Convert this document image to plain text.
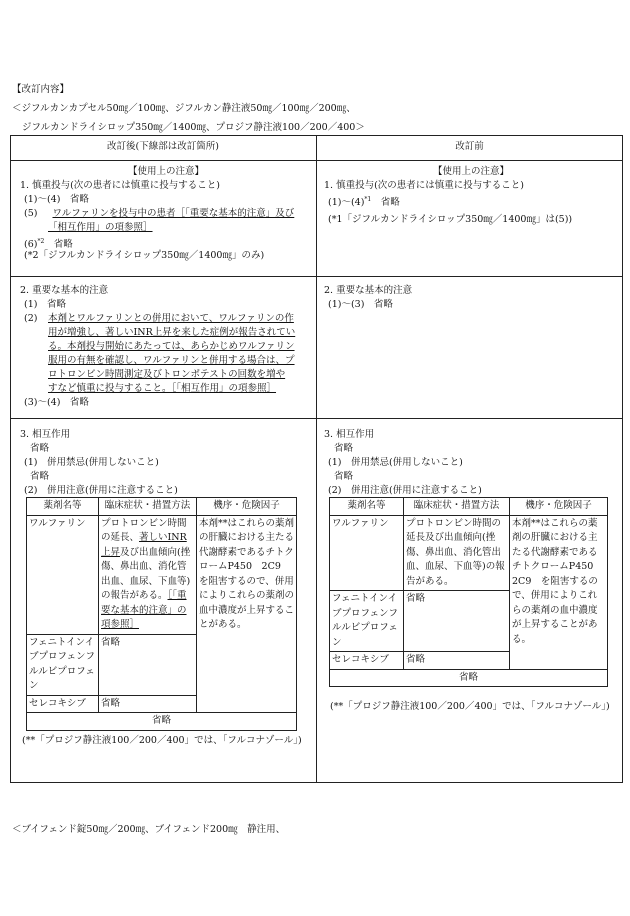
【改訂内容】
＜ジフルカンカプセル50㎎／100㎎、ジフルカン静注液50㎎／100㎎／200㎎、
ジフルカンドライシロップ350㎎／1400㎎、プロジフ静注液100／200／400＞
改訂後(下線部は改訂箇所)	改訂前
【使用上の注意】
1. 慎重投与(次の患者には慎重に投与すること)
(1)～(4)　省略
(5) ワルファリンを投与中の患者［「重要な基本的注意」及び
「相互作用」の項参照］
$(6)^{*2}$　省略
(*2「ジフルカンドライシロップ350㎎／1400㎎」のみ)
【使用上の注意】
1. 慎重投与(次の患者には慎重に投与すること)
$(1)\sim(4)^{*1}$　省略
(*1「ジフルカンドライシロップ350㎎／1400㎎」は(5))
2. 重要な基本的注意
(1)　省略
(2) 本剤とワルファリンとの併用において、ワルファリンの作
用が増強し、著しいINR上昇を来した症例が報告されてい
る。本剤投与開始にあたっては、あらかじめワルファリン
服用の有無を確認し、ワルファリンと併用する場合は、プ
ロトロンビン時間測定及びトロンボテストの回数を増や
すなど慎重に投与すること。［「相互作用」の項参照］
(3)～(4)　省略
2. 重要な基本的注意
(1)～(3)　省略
3. 相互作用
省略
(1)　併用禁忌(併用しないこと)
省略
(2)　併用注意(併用に注意すること)
薬剤名等	臨床症状・措置方法	機序・危険因子
ワルファリン	プロトロンビン時間の延長、著しいINR上昇及び出血傾向(挫傷、鼻出血、消化管出血、血尿、下血等)の報告がある。［「重要な基本的注意」の項参照］	本剤**はこれらの薬剤の肝臓における主たる代謝酵素であるチトクロームP450　2C9　を阻害するので、併用によりこれらの薬剤の血中濃度が上昇することがある。
フェニトインイブプロフェンフルルビプロフェン	省略	
セレコキシブ	省略	
省略		
(**「プロジフ静注液100／200／400」では、「フルコナゾール」)
3. 相互作用
省略
(1)　併用禁忌(併用しないこと)
省略
(2)　併用注意(併用に注意すること)
薬剤名等	臨床症状・措置方法	機序・危険因子
ワルファリン	プロトロンビン時間の延長及び出血傾向(挫傷、鼻出血、消化管出血、血尿、下血等)の報告がある。	本剤**はこれらの薬剤の肝臓における主たる代謝酵素であるチトクロームP450　2C9　を阻害するので、併用によりこれらの薬剤の血中濃度が上昇することがある。
フェニトインイブプロフェンフルルビプロフェン	省略	
セレコキシブ	省略	
省略		
(**「プロジフ静注液100／200／400」では、「フルコナゾール」)
＜ブイフェンド錠50㎎／200㎎、ブイフェンド200㎎　静注用、
